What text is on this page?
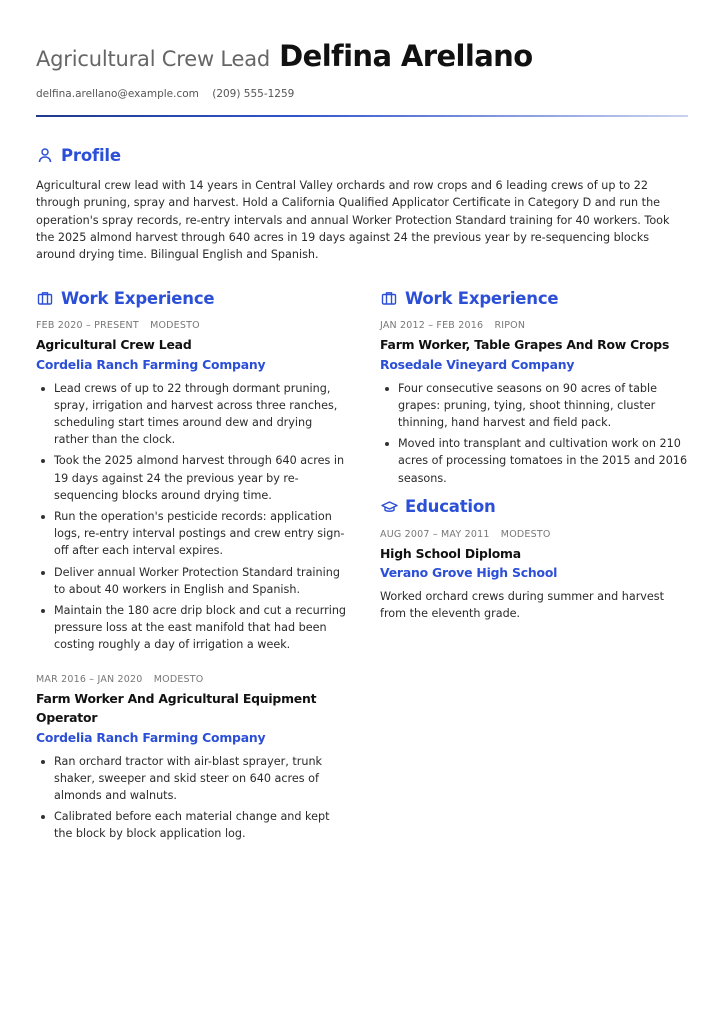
Agricultural Crew Lead Delfina Arellano
delfina.arellano@example.com (209) 555-1259
Profile

Agricultural crew lead with 14 years in Central Valley orchards and row crops and 6 leading crews of up to 22 through pruning, spray and harvest. Hold a California Qualified Applicator Certificate in Category D and run the operation's spray records, re-entry intervals and annual Worker Protection Standard training for 40 workers. Took the 2025 almond harvest through 640 acres in 19 days against 24 the previous year by re-sequencing blocks around drying time. Bilingual English and Spanish.

Work Experience
FEB 2020 – PRESENT MODESTO
Agricultural Crew Lead
Cordelia Ranch Farming Company
Lead crews of up to 22 through dormant pruning, spray, irrigation and harvest across three ranches, scheduling start times around dew and drying rather than the clock.
Took the 2025 almond harvest through 640 acres in 19 days against 24 the previous year by re-sequencing blocks around drying time.
Run the operation's pesticide records: application logs, re-entry interval postings and crew entry sign-off after each interval expires.
Deliver annual Worker Protection Standard training to about 40 workers in English and Spanish.
Maintain the 180 acre drip block and cut a recurring pressure loss at the east manifold that had been costing roughly a day of irrigation a week.
MAR 2016 – JAN 2020 MODESTO
Farm Worker And Agricultural Equipment Operator
Cordelia Ranch Farming Company
Ran orchard tractor with air-blast sprayer, trunk shaker, sweeper and skid steer on 640 acres of almonds and walnuts.
Calibrated before each material change and kept the block by block application log.
Work Experience
JAN 2012 – FEB 2016 RIPON
Farm Worker, Table Grapes And Row Crops
Rosedale Vineyard Company
Four consecutive seasons on 90 acres of table grapes: pruning, tying, shoot thinning, cluster thinning, hand harvest and field pack.
Moved into transplant and cultivation work on 210 acres of processing tomatoes in the 2015 and 2016 seasons.
Education
AUG 2007 – MAY 2011 MODESTO
High School Diploma
Verano Grove High School
Worked orchard crews during summer and harvest from the eleventh grade.
